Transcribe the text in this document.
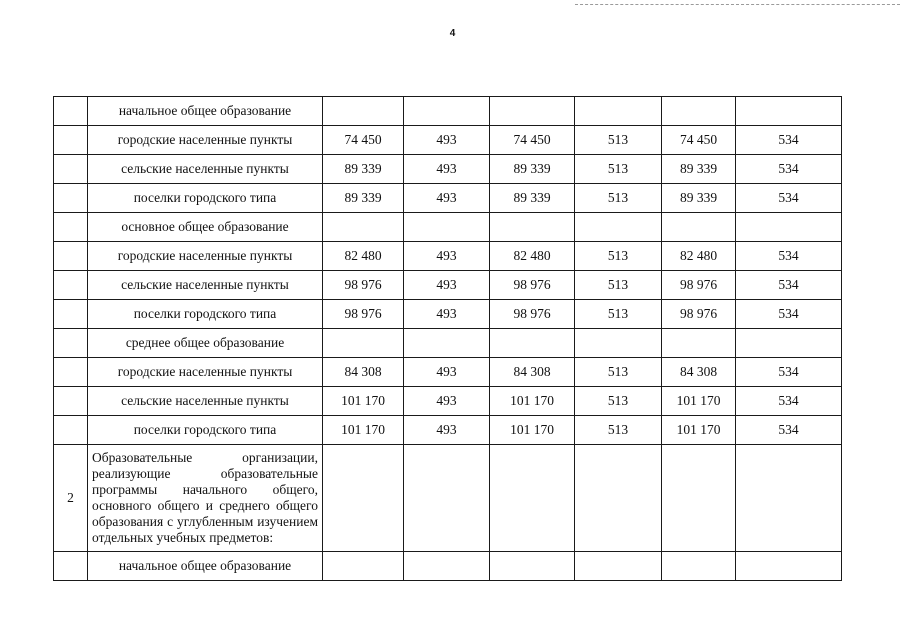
4
	начальное общее образование						
	городские населенные пункты	74 450	493	74 450	513	74 450	534
	сельские населенные пункты	89 339	493	89 339	513	89 339	534
	поселки городского типа	89 339	493	89 339	513	89 339	534
	основное общее образование						
	городские населенные пункты	82 480	493	82 480	513	82 480	534
	сельские населенные пункты	98 976	493	98 976	513	98 976	534
	поселки городского типа	98 976	493	98 976	513	98 976	534
	среднее общее образование						
	городские населенные пункты	84 308	493	84 308	513	84 308	534
	сельские населенные пункты	101 170	493	101 170	513	101 170	534
	поселки городского типа	101 170	493	101 170	513	101 170	534
2	Образовательные организации, реализующие образовательные программы начального общего, основного общего и среднего общего образования с углубленным изучением отдельных учебных предметов:						
	начальное общее образование						
